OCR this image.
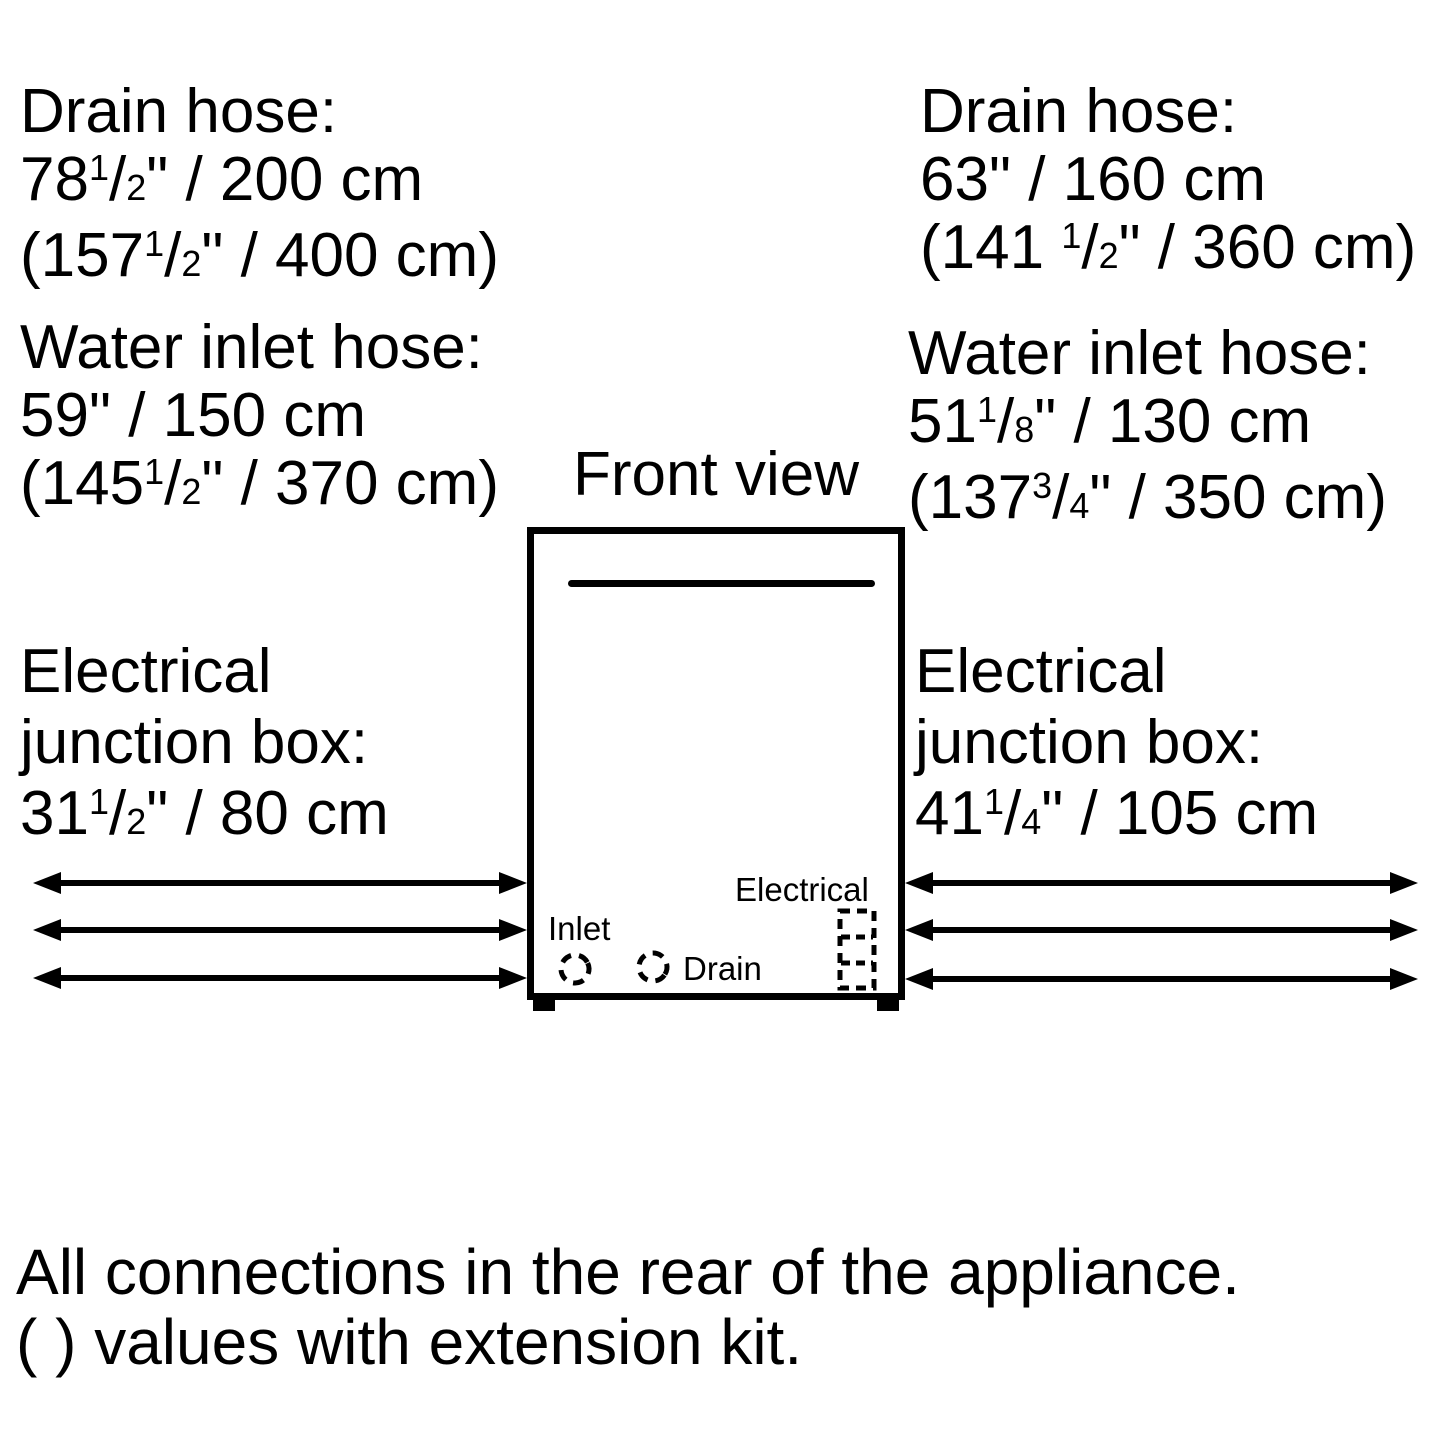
Drain hose:
$78^1/2$" / 200 cm
($157^1/2$" / 400 cm)
Drain hose:
63" / 160 cm
(141 $^1$/2" / 360 cm)
Water inlet hose:
59" / 150 cm
($145^1/2$" / 370 cm)
Water inlet hose:
$51^1/8$" / 130 cm
($137^3/4$" / 350 cm)
Front view
Electrical
junction box:
$31^1/2$" / 80 cm
Electrical
junction box:
$41^1/4$" / 105 cm
Electrical
Inlet
Drain
All connections in the rear of the appliance.
( ) values with extension kit.
